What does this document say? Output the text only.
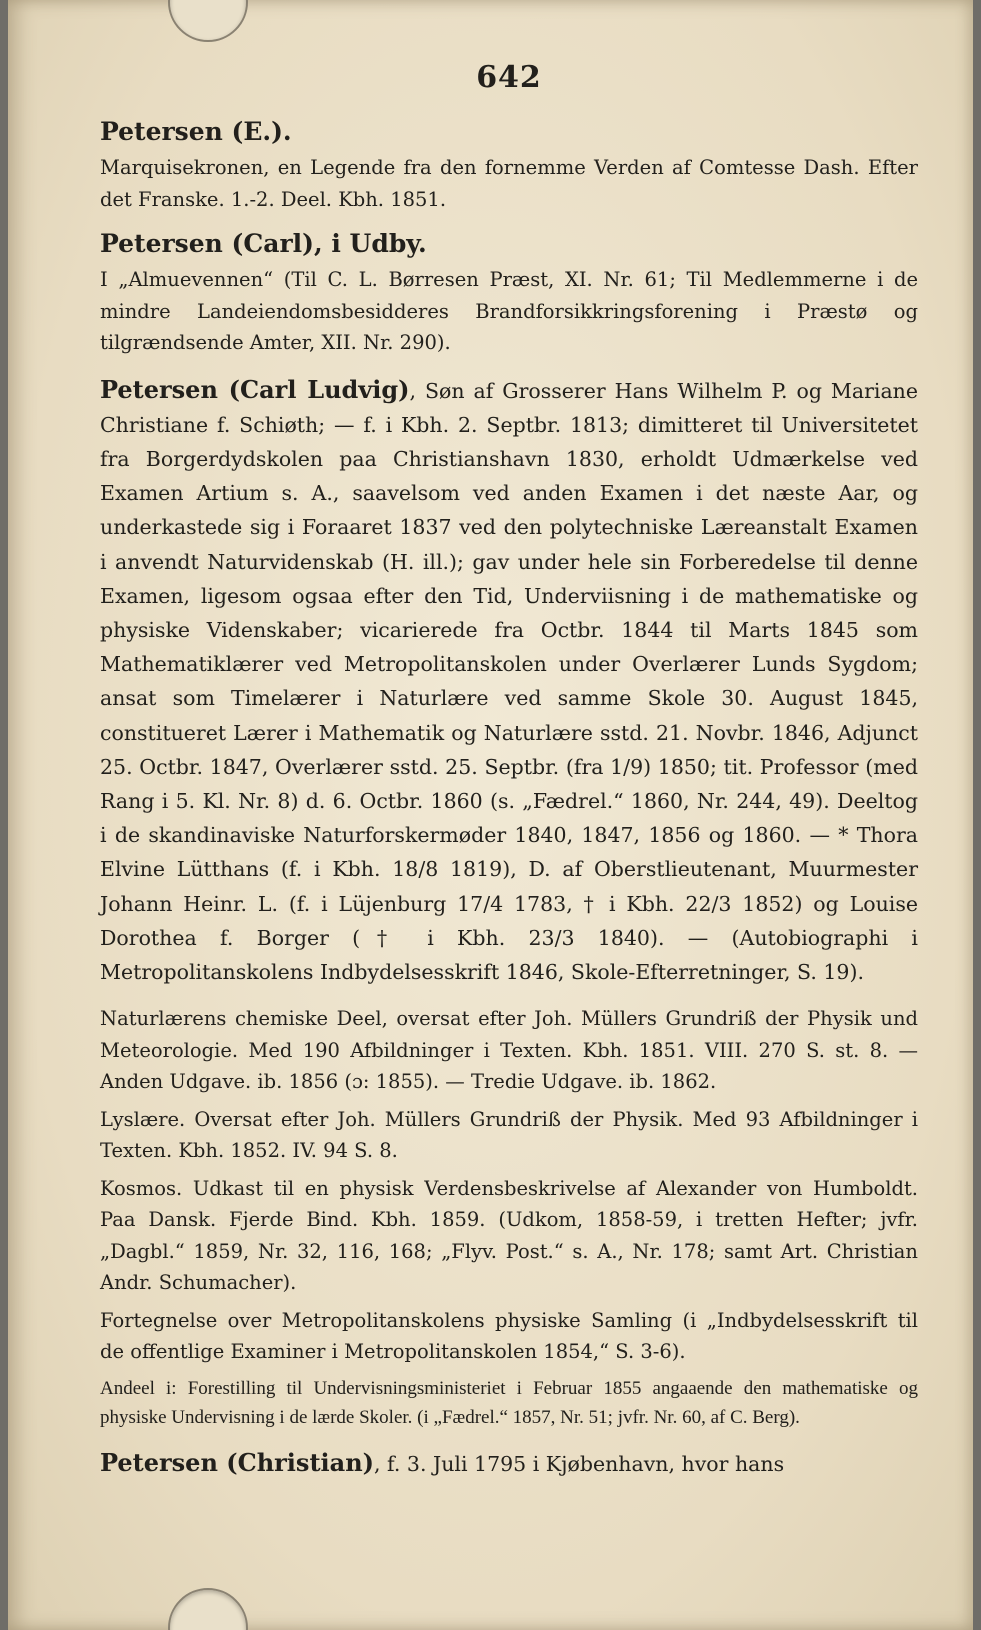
642
Petersen (E.).

Marquisekronen, en Legende fra den fornemme Verden af Comtesse Dash. Efter det Franske. 1.-2. Deel. Kbh. 1851.

Petersen (Carl), i Udby.

I „Almuevennen“ (Til C. L. Børresen Præst, XI. Nr. 61; Til Medlemmerne i de mindre Landeiendomsbesidderes Brandforsikkringsforening i Præstø og tilgrændsende Amter, XII. Nr. 290).

Petersen (Carl Ludvig), Søn af Grosserer Hans Wilhelm P. og Mariane Christiane f. Schiøth; — f. i Kbh. 2. Septbr. 1813; dimitteret til Universitetet fra Borgerdydskolen paa Christianshavn 1830, erholdt Udmærkelse ved Examen Artium s. A., saavelsom ved anden Examen i det næste Aar, og underkastede sig i Foraaret 1837 ved den polytechniske Læreanstalt Examen i anvendt Naturvidenskab (H. ill.); gav under hele sin Forberedelse til denne Examen, ligesom ogsaa efter den Tid, Underviisning i de mathematiske og physiske Videnskaber; vicarierede fra Octbr. 1844 til Marts 1845 som Mathematiklærer ved Metropolitanskolen under Overlærer Lunds Sygdom; ansat som Timelærer i Naturlære ved samme Skole 30. August 1845, constitueret Lærer i Mathematik og Naturlære sstd. 21. Novbr. 1846, Adjunct 25. Octbr. 1847, Overlærer sstd. 25. Septbr. (fra 1/9) 1850; tit. Professor (med Rang i 5. Kl. Nr. 8) d. 6. Octbr. 1860 (s. „Fædrel.“ 1860, Nr. 244, 49). Deeltog i de skandinaviske Naturforskermøder 1840, 1847, 1856 og 1860. — * Thora Elvine Lütthans (f. i Kbh. 18/8 1819), D. af Oberstlieutenant, Muurmester Johann Heinr. L. (f. i Lüjenburg 17/4 1783, † i Kbh. 22/3 1852) og Louise Dorothea f. Borger († i Kbh. 23/3 1840). — (Autobiographi i Metropolitanskolens Indbydelsesskrift 1846, Skole-Efterretninger, S. 19).

Naturlærens chemiske Deel, oversat efter Joh. Müllers Grundriß der Physik und Meteorologie. Med 190 Afbildninger i Texten. Kbh. 1851. VIII. 270 S. st. 8. — Anden Udgave. ib. 1856 (ɔ: 1855). — Tredie Udgave. ib. 1862.

Lyslære. Oversat efter Joh. Müllers Grundriß der Physik. Med 93 Afbildninger i Texten. Kbh. 1852. IV. 94 S. 8.

Kosmos. Udkast til en physisk Verdensbeskrivelse af Alexander von Humboldt. Paa Dansk. Fjerde Bind. Kbh. 1859. (Udkom, 1858-59, i tretten Hefter; jvfr. „Dagbl.“ 1859, Nr. 32, 116, 168; „Flyv. Post.“ s. A., Nr. 178; samt Art. Christian Andr. Schumacher).

Fortegnelse over Metropolitanskolens physiske Samling (i „Indbydelsesskrift til de offentlige Examiner i Metropolitanskolen 1854,“ S. 3-6).

Andeel i: Forestilling til Undervisningsministeriet i Februar 1855 angaaende den mathematiske og physiske Undervisning i de lærde Skoler. (i „Fædrel.“ 1857, Nr. 51; jvfr. Nr. 60, af C. Berg).

Petersen (Christian), f. 3. Juli 1795 i Kjøbenhavn, hvor hans
